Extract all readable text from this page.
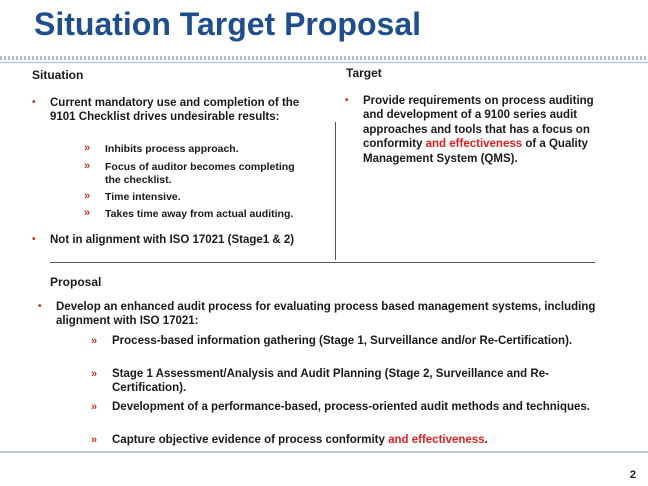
Situation Target Proposal
Situation
• Current mandatory use and completion of the 9101 Checklist drives undesirable results:
» Inhibits process approach.
» Focus of auditor becomes completing the checklist.
» Time intensive.
» Takes time away from actual auditing.
• Not in alignment with ISO 17021 (Stage1 & 2)
Target
• Provide requirements on process auditing and development of a 9100 series audit approaches and tools that has a focus on conformity and effectiveness of a Quality Management System (QMS).
Proposal
• Develop an enhanced audit process for evaluating process based management systems, including alignment with ISO 17021:
» Process-based information gathering (Stage 1, Surveillance and/or Re-Certification).
» Stage 1 Assessment/Analysis and Audit Planning (Stage 2, Surveillance and Re-Certification).
» Development of a performance-based, process-oriented audit methods and techniques.
» Capture objective evidence of process conformity and effectiveness.
2
